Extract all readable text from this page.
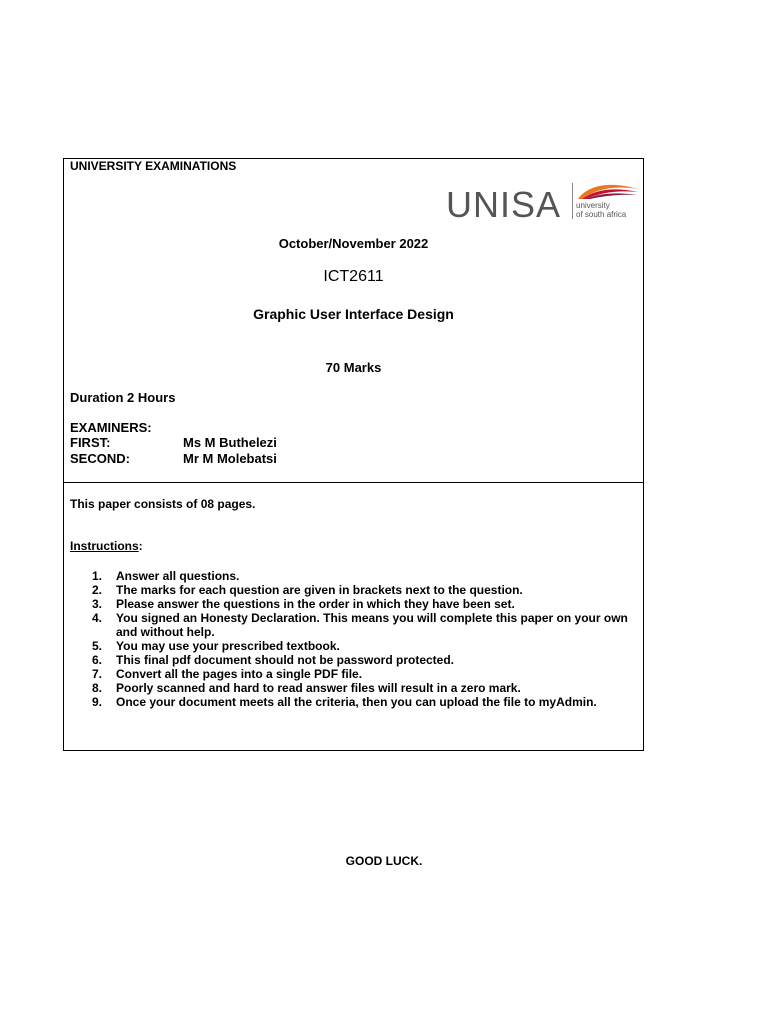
UNIVERSITY EXAMINATIONS
UNISA university
of south africa
October/November 2022
ICT2611
Graphic User Interface Design
70 Marks
Duration 2 Hours
EXAMINERS:
FIRST:	Ms M Buthelezi
SECOND:	Mr M Molebatsi
This paper consists of 08 pages.
Instructions:
1. Answer all questions.
2. The marks for each question are given in brackets next to the question.
3. Please answer the questions in the order in which they have been set.
4. You signed an Honesty Declaration. This means you will complete this paper on your own and without help.
5. You may use your prescribed textbook.
6. This final pdf document should not be password protected.
7. Convert all the pages into a single PDF file.
8. Poorly scanned and hard to read answer files will result in a zero mark.
9. Once your document meets all the criteria, then you can upload the file to myAdmin.
GOOD LUCK.
